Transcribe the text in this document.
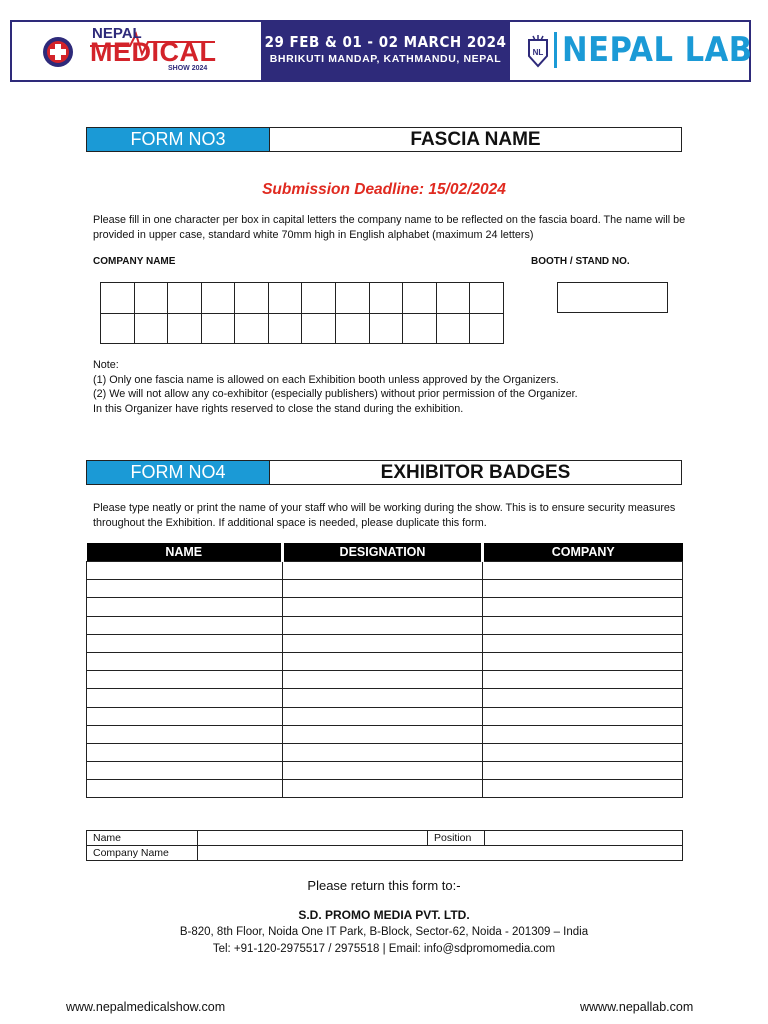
NEPAL
MEDICAL
SHOW 2024
29 FEB & 01 - 02 MARCH 2024
BHRIKUTI MANDAP, KATHMANDU, NEPAL
NL NEPAL LAB
FORM NO3	FASCIA NAME
Submission Deadline: 15/02/2024
Please fill in one character per box in capital letters the company name to be reflected on the fascia board. The name will be provided in upper case, standard white 70mm high in English alphabet (maximum 24 letters)
COMPANY NAME	BOOTH / STAND NO.

Note:
(1) Only one fascia name is allowed on each Exhibition booth unless approved by the Organizers.
(2) We will not allow any co-exhibitor (especially publishers) without prior permission of the Organizer.
In this Organizer have rights reserved to close the stand during the exhibition.
FORM NO4	EXHIBITOR BADGES
Please type neatly or print the name of your staff who will be working during the show. This is to ensure security measures throughout the Exhibition. If additional space is needed, please duplicate this form.
NAME	DESIGNATION	COMPANY

Name		Position	
Company Name			
Please return this form to:-
S.D. PROMO MEDIA PVT. LTD.
B-820, 8th Floor, Noida One IT Park, B-Block, Sector-62, Noida - 201309 – India
Tel: +91-120-2975517 / 2975518 | Email: info@sdpromomedia.com
www.nepalmedicalshow.com	wwww.nepallab.com
